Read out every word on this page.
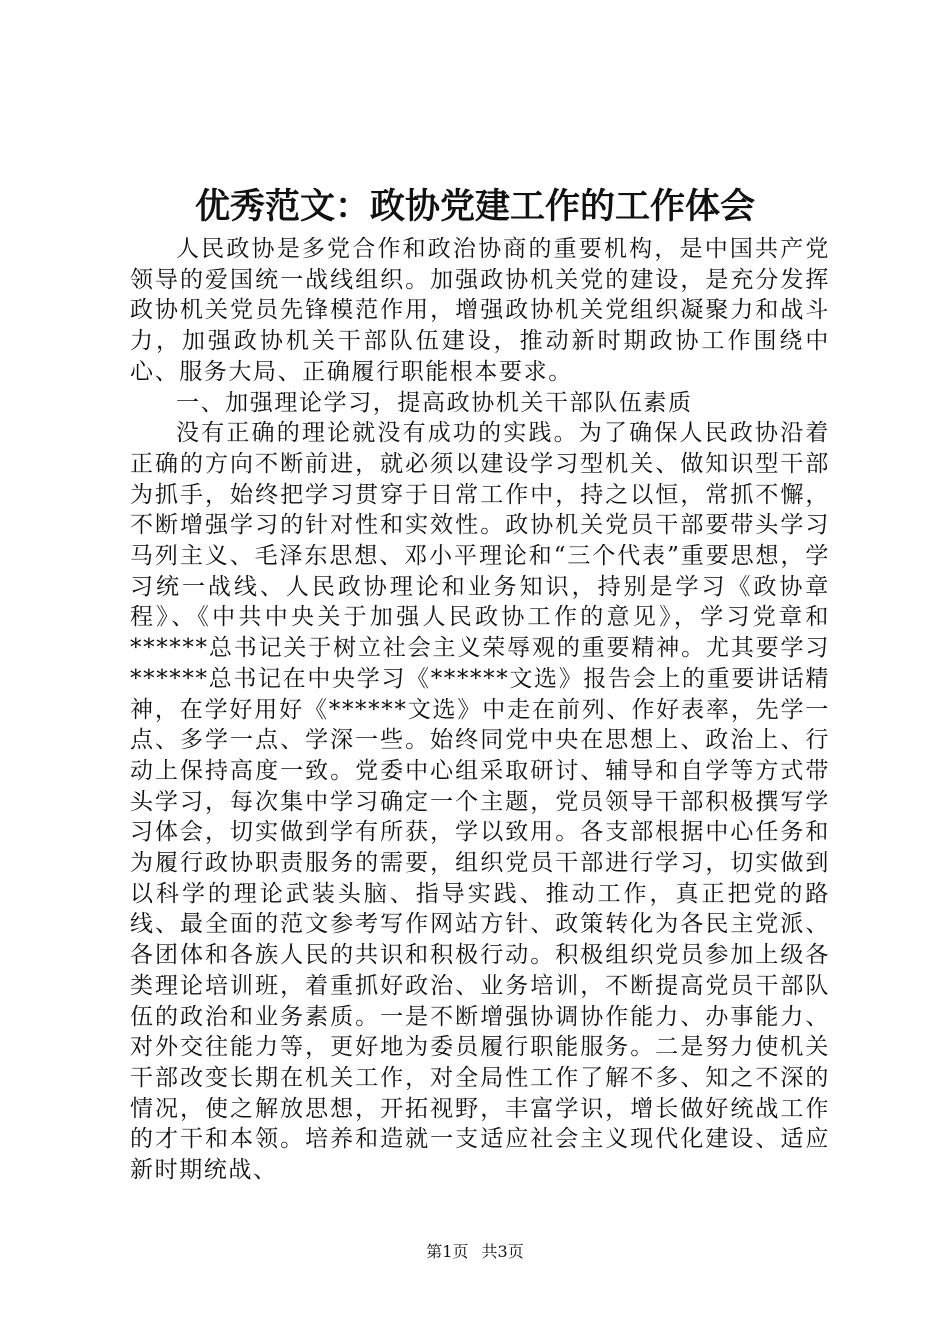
优秀范文：政协党建工作的工作体会

人民政协是多党合作和政治协商的重要机构，是中国共产党领导的爱国统一战线组织。加强政协机关党的建设，是充分发挥政协机关党员先锋模范作用，增强政协机关党组织凝聚力和战斗力，加强政协机关干部队伍建设，推动新时期政协工作围绕中心、服务大局、正确履行职能根本要求。

一、加强理论学习，提高政协机关干部队伍素质

没有正确的理论就没有成功的实践。为了确保人民政协沿着正确的方向不断前进，就必须以建设学习型机关、做知识型干部为抓手，始终把学习贯穿于日常工作中，持之以恒，常抓不懈，不断增强学习的针对性和实效性。政协机关党员干部要带头学习马列主义、毛泽东思想、邓小平理论和“三个代表”重要思想，学习统一战线、人民政协理论和业务知识，持别是学习《政协章程》、《中共中央关于加强人民政协工作的意见》，学习党章和******总书记关于树立社会主义荣辱观的重要精神。尤其要学习******总书记在中央学习《******文选》报告会上的重要讲话精神，在学好用好《******文选》中走在前列、作好表率，先学一点、多学一点、学深一些。始终同党中央在思想上、政治上、行动上保持高度一致。党委中心组采取研讨、辅导和自学等方式带头学习，每次集中学习确定一个主题，党员领导干部积极撰写学习体会，切实做到学有所获，学以致用。各支部根据中心任务和为履行政协职责服务的需要，组织党员干部进行学习，切实做到以科学的理论武装头脑、指导实践、推动工作，真正把党的路线、最全面的范文参考写作网站方针、政策转化为各民主党派、各团体和各族人民的共识和积极行动。积极组织党员参加上级各类理论培训班，着重抓好政治、业务培训，不断提高党员干部队伍的政治和业务素质。一是不断增强协调协作能力、办事能力、对外交往能力等，更好地为委员履行职能服务。二是努力使机关干部改变长期在机关工作，对全局性工作了解不多、知之不深的情况，使之解放思想，开拓视野，丰富学识，增长做好统战工作的才干和本领。培养和造就一支适应社会主义现代化建设、适应新时期统战、

第1页 共3页
